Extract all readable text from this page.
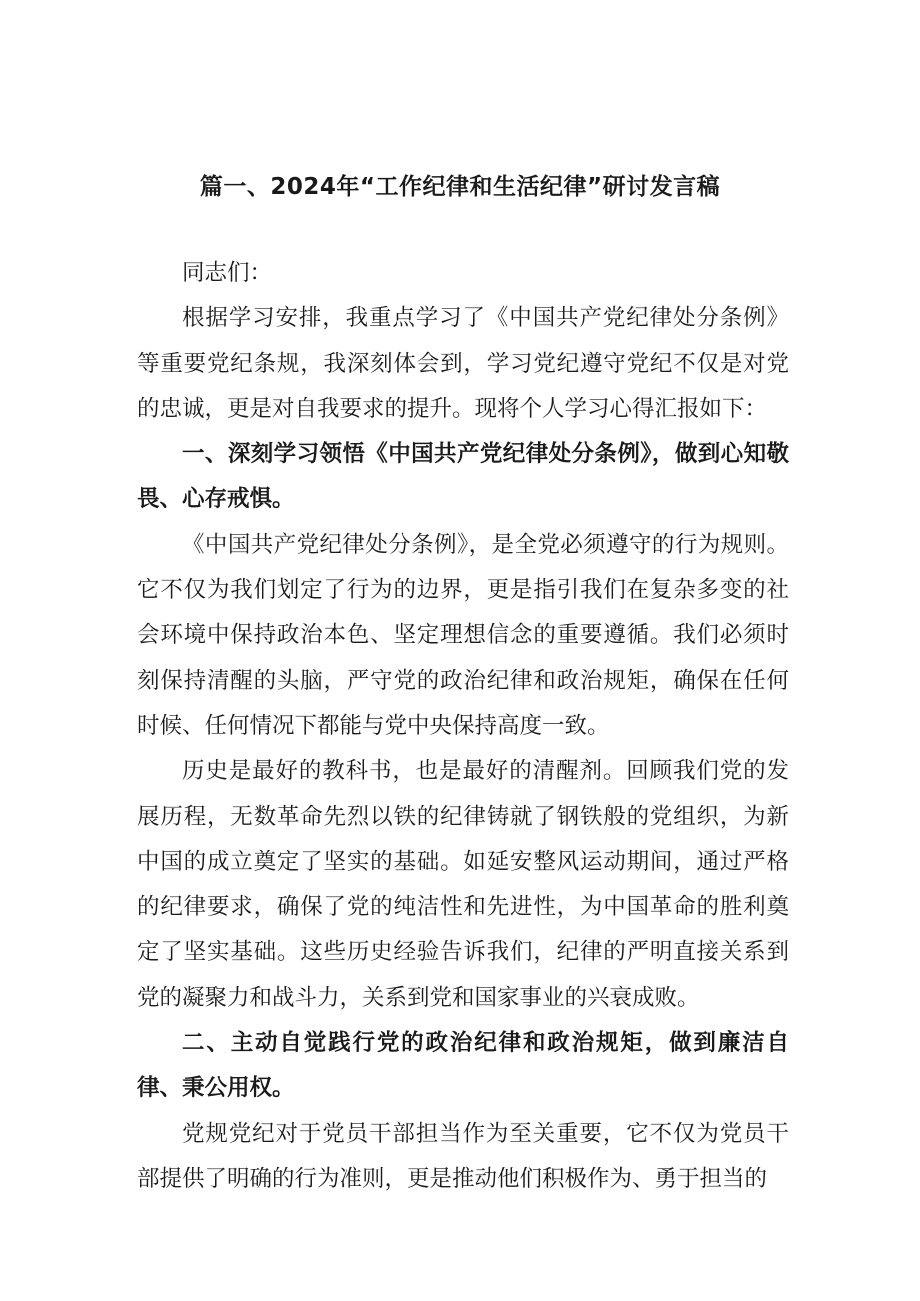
篇一、2024年“工作纪律和生活纪律”研讨发言稿

同志们：

根据学习安排，我重点学习了《中国共产党纪律处分条例》等重要党纪条规，我深刻体会到，学习党纪遵守党纪不仅是对党的忠诚，更是对自我要求的提升。现将个人学习心得汇报如下：

一、深刻学习领悟《中国共产党纪律处分条例》，做到心知敬畏、心存戒惧。

《中国共产党纪律处分条例》，是全党必须遵守的行为规则。它不仅为我们划定了行为的边界，更是指引我们在复杂多变的社会环境中保持政治本色、坚定理想信念的重要遵循。我们必须时刻保持清醒的头脑，严守党的政治纪律和政治规矩，确保在任何时候、任何情况下都能与党中央保持高度一致。

历史是最好的教科书，也是最好的清醒剂。回顾我们党的发展历程，无数革命先烈以铁的纪律铸就了钢铁般的党组织，为新中国的成立奠定了坚实的基础。如延安整风运动期间，通过严格的纪律要求，确保了党的纯洁性和先进性，为中国革命的胜利奠定了坚实基础。这些历史经验告诉我们，纪律的严明直接关系到党的凝聚力和战斗力，关系到党和国家事业的兴衰成败。

二、主动自觉践行党的政治纪律和政治规矩，做到廉洁自律、秉公用权。

党规党纪对于党员干部担当作为至关重要，它不仅为党员干部提供了明确的行为准则，更是推动他们积极作为、勇于担当的
